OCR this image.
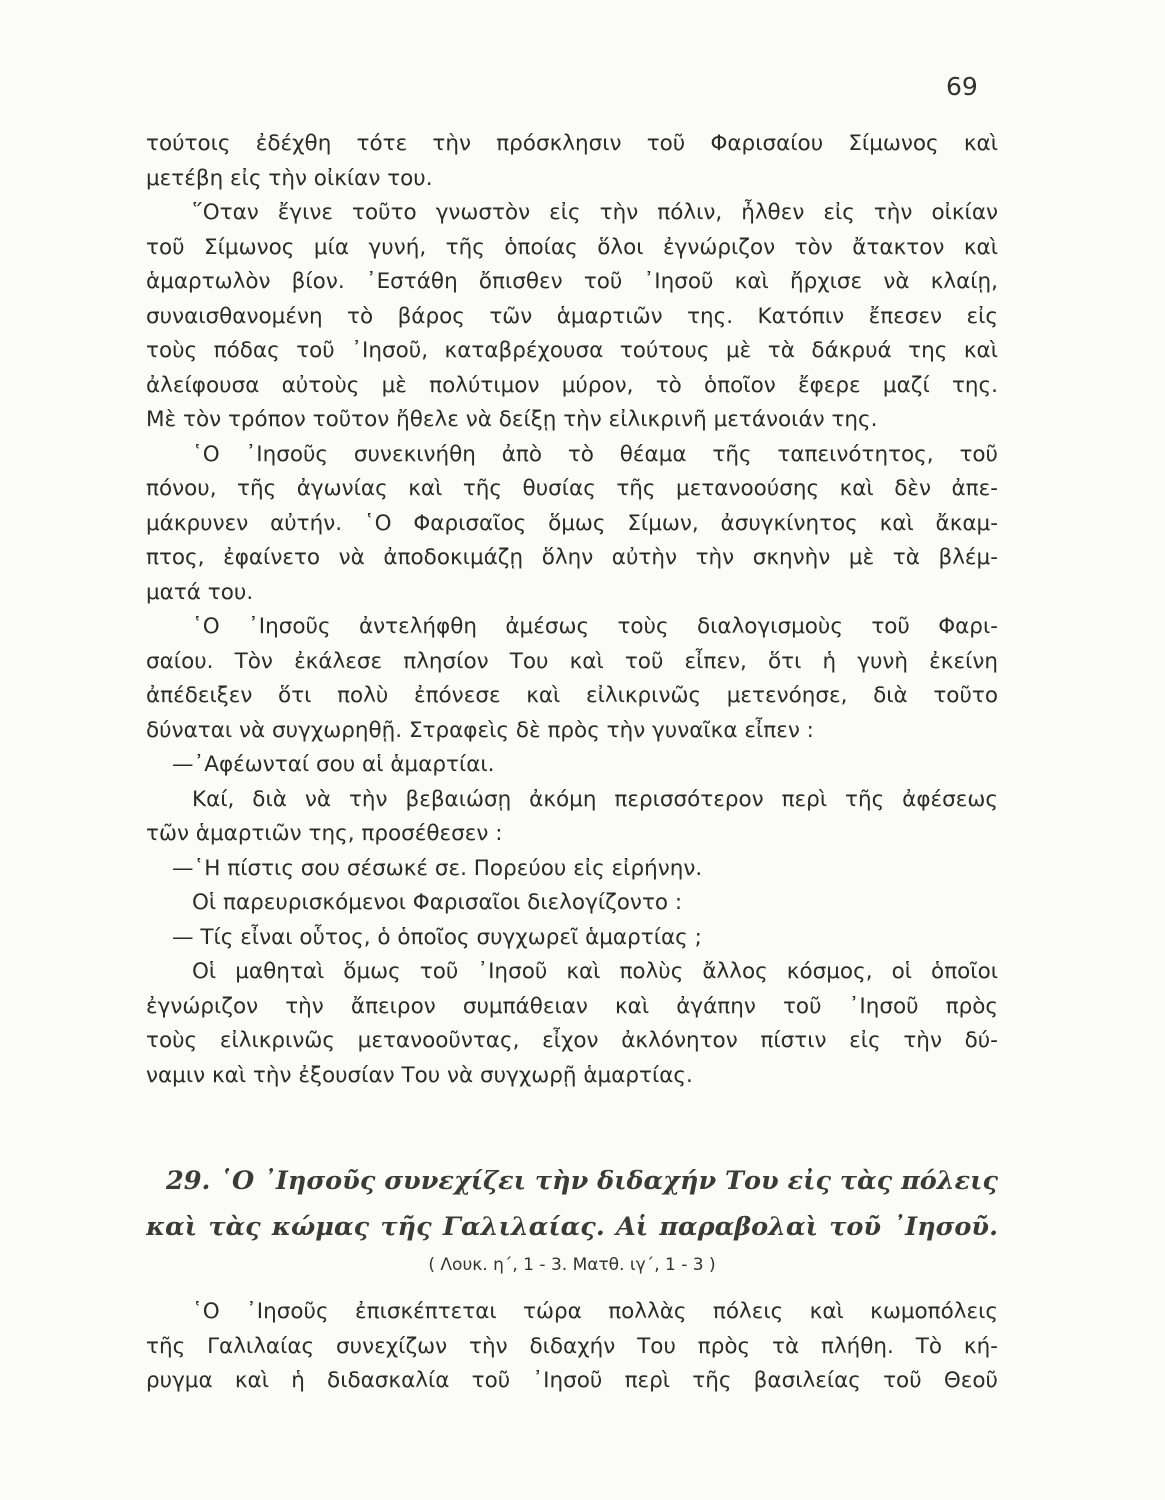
69
τούτοις ἐδέχθη τότε τὴν πρόσκλησιν τοῦ Φαρισαίου Σίμωνος καὶ
μετέβη εἰς τὴν οἰκίαν του.
῞Οταν ἔγινε τοῦτο γνωστὸν εἰς τὴν πόλιν, ἦλθεν εἰς τὴν οἰκίαν
τοῦ Σίμωνος μία γυνή, τῆς ὁποίας ὅλοι ἐγνώριζον τὸν ἄτακτον καὶ
ἁμαρτωλὸν βίον. ᾿Εστάθη ὄπισθεν τοῦ ᾿Ιησοῦ καὶ ἤρχισε νὰ κλαίῃ,
συναισθανομένη τὸ βάρος τῶν ἁμαρτιῶν της. Κατόπιν ἔπεσεν εἰς
τοὺς πόδας τοῦ ᾿Ιησοῦ, καταβρέχουσα τούτους μὲ τὰ δάκρυά της καὶ
ἀλείφουσα αὐτοὺς μὲ πολύτιμον μύρον, τὸ ὁποῖον ἔφερε μαζί της.
Μὲ τὸν τρόπον τοῦτον ἤθελε νὰ δείξῃ τὴν εἰλικρινῆ μετάνοιάν της.
῾Ο ᾿Ιησοῦς συνεκινήθη ἀπὸ τὸ θέαμα τῆς ταπεινότητος, τοῦ
πόνου, τῆς ἀγωνίας καὶ τῆς θυσίας τῆς μετανοούσης καὶ δὲν ἀπε-
μάκρυνεν αὐτήν. ῾Ο Φαρισαῖος ὅμως Σίμων, ἀσυγκίνητος καὶ ἄκαμ-
πτος, ἐφαίνετο νὰ ἀποδοκιμάζῃ ὅλην αὐτὴν τὴν σκηνὴν μὲ τὰ βλέμ-
ματά του.
῾Ο ᾿Ιησοῦς ἀντελήφθη ἀμέσως τοὺς διαλογισμοὺς τοῦ Φαρι-
σαίου. Τὸν ἐκάλεσε πλησίον Του καὶ τοῦ εἶπεν, ὅτι ἡ γυνὴ ἐκείνη
ἀπέδειξεν ὅτι πολὺ ἐπόνεσε καὶ εἰλικρινῶς μετενόησε, διὰ τοῦτο
δύναται νὰ συγχωρηθῇ. Στραφεὶς δὲ πρὸς τὴν γυναῖκα εἶπεν :
—᾿Αφέωνταί σου αἱ ἁμαρτίαι.
Καί, διὰ νὰ τὴν βεβαιώσῃ ἀκόμη περισσότερον περὶ τῆς ἀφέσεως
τῶν ἁμαρτιῶν της, προσέθεσεν :
—῾Η πίστις σου σέσωκέ σε. Πορεύου εἰς εἰρήνην.
Οἱ παρευρισκόμενοι Φαρισαῖοι διελογίζοντο :
— Τίς εἶναι οὗτος, ὁ ὁποῖος συγχωρεῖ ἁμαρτίας ;
Οἱ μαθηταὶ ὅμως τοῦ ᾿Ιησοῦ καὶ πολὺς ἄλλος κόσμος, οἱ ὁποῖοι
ἐγνώριζον τὴν ἄπειρον συμπάθειαν καὶ ἀγάπην τοῦ ᾿Ιησοῦ πρὸς
τοὺς εἰλικρινῶς μετανοοῦντας, εἶχον ἀκλόνητον πίστιν εἰς τὴν δύ-
ναμιν καὶ τὴν ἐξουσίαν Του νὰ συγχωρῇ ἁμαρτίας.
29. ῾Ο ᾿Ιησοῦς συνεχίζει τὴν διδαχήν Του εἰς τὰς πόλεις
καὶ τὰς κώμας τῆς Γαλιλαίας. Αἱ παραβολαὶ τοῦ ᾿Ιησοῦ.
( Λουκ. η΄, 1 - 3. Ματθ. ιγ΄, 1 - 3 )
῾Ο ᾿Ιησοῦς ἐπισκέπτεται τώρα πολλὰς πόλεις καὶ κωμοπόλεις
τῆς Γαλιλαίας συνεχίζων τὴν διδαχήν Του πρὸς τὰ πλήθη. Τὸ κή-
ρυγμα καὶ ἡ διδασκαλία τοῦ ᾿Ιησοῦ περὶ τῆς βασιλείας τοῦ Θεοῦ
